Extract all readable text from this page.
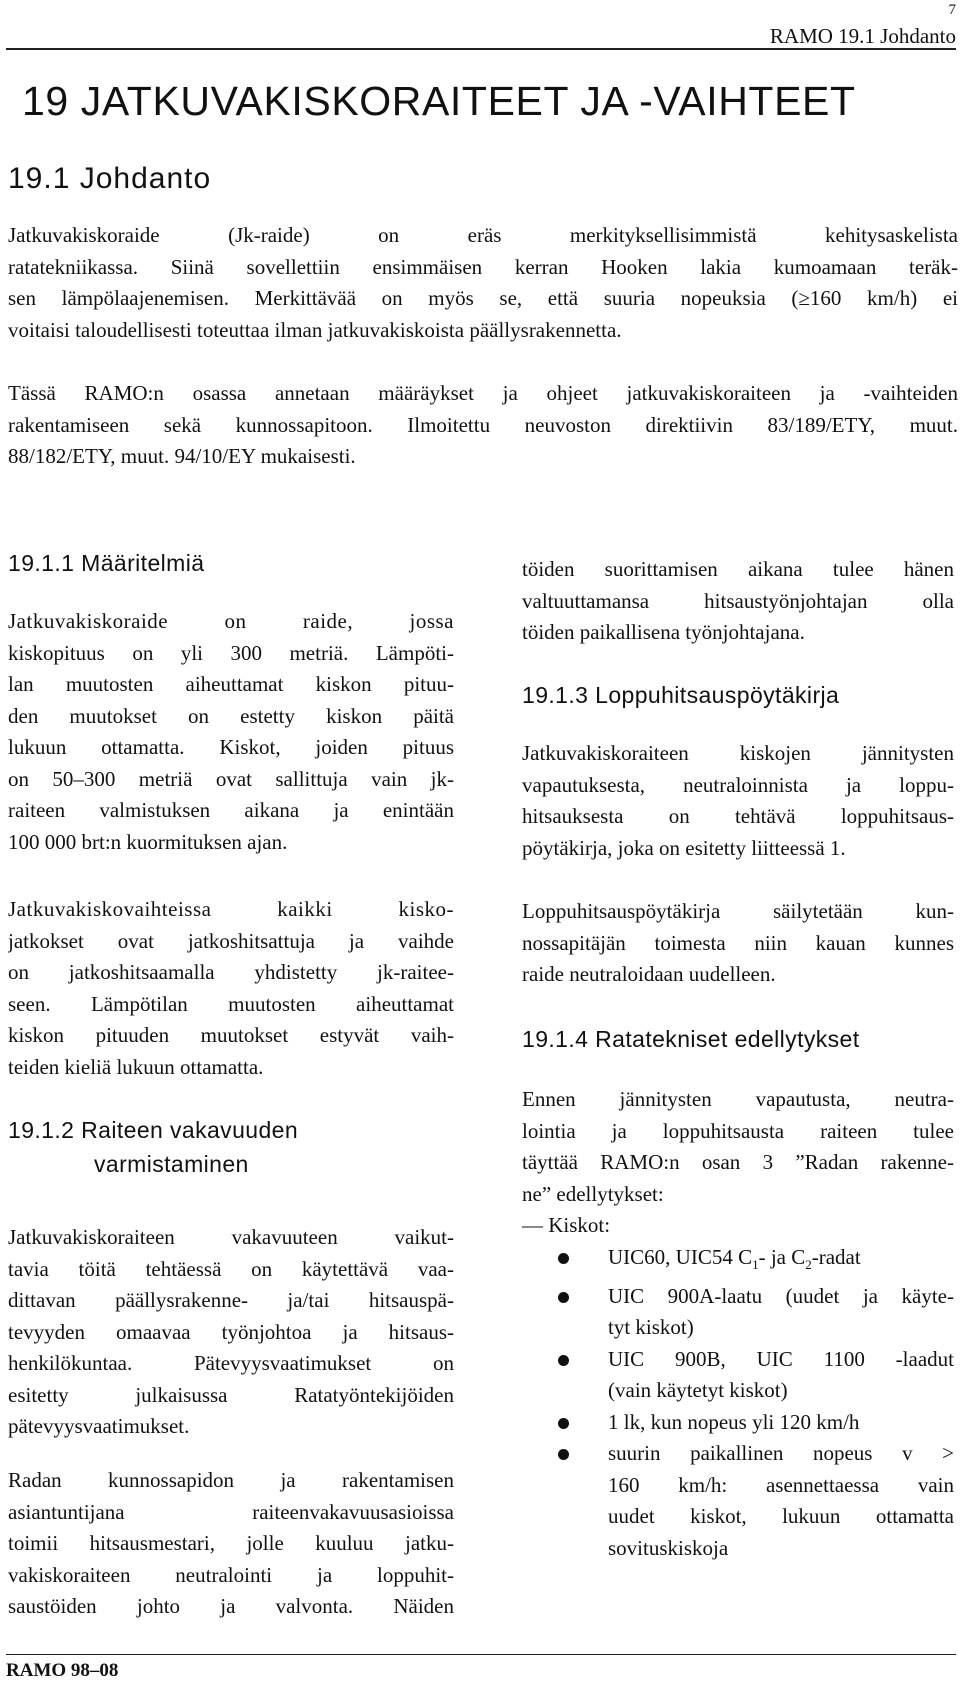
7
RAMO 19.1 Johdanto
19 JATKUVAKISKORAITEET JA -VAIHTEET
19.1 Johdanto
Jatkuvakiskoraide (Jk-raide) on eräs merkityksellisimmistä kehitysaskelista
ratatekniikassa. Siinä sovellettiin ensimmäisen kerran Hooken lakia kumoamaan teräk-
sen lämpölaajenemisen. Merkittävää on myös se, että suuria nopeuksia (≥160 km/h) ei
voitaisi taloudellisesti toteuttaa ilman jatkuvakiskoista päällysrakennetta.
Tässä RAMO:n osassa annetaan määräykset ja ohjeet jatkuvakiskoraiteen ja -vaihteiden
rakentamiseen sekä kunnossapitoon. Ilmoitettu neuvoston direktiivin 83/189/ETY, muut.
88/182/ETY, muut. 94/10/EY mukaisesti.
19.1.1 Määritelmiä
Jatkuvakiskoraide on raide, jossa
kiskopituus on yli 300 metriä. Lämpöti-
lan muutosten aiheuttamat kiskon pituu-
den muutokset on estetty kiskon päitä
lukuun ottamatta. Kiskot, joiden pituus
on 50–300 metriä ovat sallittuja vain jk-
raiteen valmistuksen aikana ja enintään
100 000 brt:n kuormituksen ajan.
Jatkuvakiskovaihteissa kaikki kisko-
jatkokset ovat jatkoshitsattuja ja vaihde
on jatkoshitsaamalla yhdistetty jk-raitee-
seen. Lämpötilan muutosten aiheuttamat
kiskon pituuden muutokset estyvät vaih-
teiden kieliä lukuun ottamatta.
19.1.2 Raiteen vakavuuden
varmistaminen
Jatkuvakiskoraiteen vakavuuteen vaikut-
tavia töitä tehtäessä on käytettävä vaa-
dittavan päällysrakenne- ja/tai hitsauspä-
tevyyden omaavaa työnjohtoa ja hitsaus-
henkilökuntaa. Pätevyysvaatimukset on
esitetty julkaisussa Ratatyöntekijöiden
pätevyysvaatimukset.
Radan kunnossapidon ja rakentamisen
asiantuntijana raiteenvakavuusasioissa
toimii hitsausmestari, jolle kuuluu jatku-
vakiskoraiteen neutralointi ja loppuhit-
saustöiden johto ja valvonta. Näiden
töiden suorittamisen aikana tulee hänen
valtuuttamansa hitsaustyönjohtajan olla
töiden paikallisena työnjohtajana.
19.1.3 Loppuhitsauspöytäkirja
Jatkuvakiskoraiteen kiskojen jännitysten
vapautuksesta, neutraloinnista ja loppu-
hitsauksesta on tehtävä loppuhitsaus-
pöytäkirja, joka on esitetty liitteessä 1.
Loppuhitsauspöytäkirja säilytetään kun-
nossapitäjän toimesta niin kauan kunnes
raide neutraloidaan uudelleen.
19.1.4 Ratatekniset edellytykset
Ennen jännitysten vapautusta, neutra-
lointia ja loppuhitsausta raiteen tulee
täyttää RAMO:n osan 3 ”Radan rakenne-
ne” edellytykset:
— Kiskot:
UIC60, UIC54 $C_1-$ ja $C_2$-radat
UIC 900A-laatu (uudet ja käyte-
tyt kiskot)
UIC 900B, UIC 1100 -laadut
(vain käytetyt kiskot)
1 lk, kun nopeus yli 120 km/h
suurin paikallinen nopeus v >
160 km/h: asennettaessa vain
uudet kiskot, lukuun ottamatta
sovituskiskoja
RAMO 98–08
